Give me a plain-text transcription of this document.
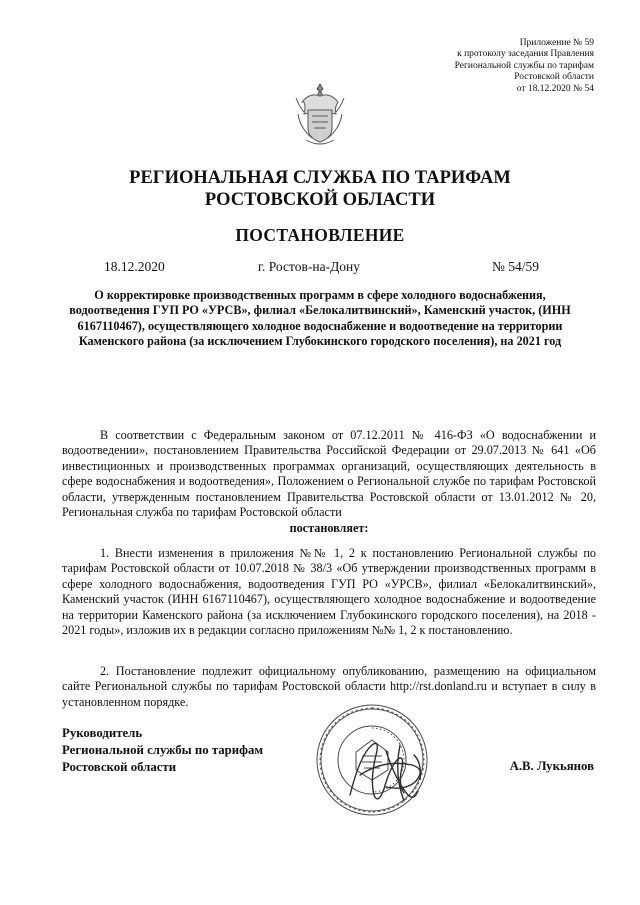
Приложение № 59
к протоколу заседания Правления
Региональной службы по тарифам
Ростовской области
от 18.12.2020 № 54
РЕГИОНАЛЬНАЯ СЛУЖБА ПО ТАРИФАМ
РОСТОВСКОЙ ОБЛАСТИ
ПОСТАНОВЛЕНИЕ
18.12.2020	г. Ростов-на-Дону	№ 54/59
О корректировке производственных программ в сфере холодного водоснабжения, водоотведения ГУП РО «УРСВ», филиал «Белокалитвинский», Каменский участок, (ИНН 6167110467), осуществляющего холодное водоснабжение и водоотведение на территории Каменского района (за исключением Глубокинского городского поселения), на 2021 год
В соответствии с Федеральным законом от 07.12.2011 № 416-ФЗ «О водоснабжении и водоотведении», постановлением Правительства Российской Федерации от 29.07.2013 № 641 «Об инвестиционных и производственных программах организаций, осуществляющих деятельность в сфере водоснабжения и водоотведения», Положением о Региональной службе по тарифам Ростовской области, утвержденным постановлением Правительства Ростовской области от 13.01.2012 № 20, Региональная служба по тарифам Ростовской области
постановляет:
1. Внести изменения в приложения №№ 1, 2 к постановлению Региональной службы по тарифам Ростовской области от 10.07.2018 № 38/3 «Об утверждении производственных программ в сфере холодного водоснабжения, водоотведения ГУП РО «УРСВ», филиал «Белокалитвинский», Каменский участок (ИНН 6167110467), осуществляющего холодное водоснабжение и водоотведение на территории Каменского района (за исключением Глубокинского городского поселения), на 2018 - 2021 годы», изложив их в редакции согласно приложениям №№ 1, 2 к постановлению.
2. Постановление подлежит официальному опубликованию, размещению на официальном сайте Региональной службы по тарифам Ростовской области http://rst.donland.ru и вступает в силу в установленном порядке.
Руководитель
Региональной службы по тарифам
Ростовской области	А.В. Лукьянов
